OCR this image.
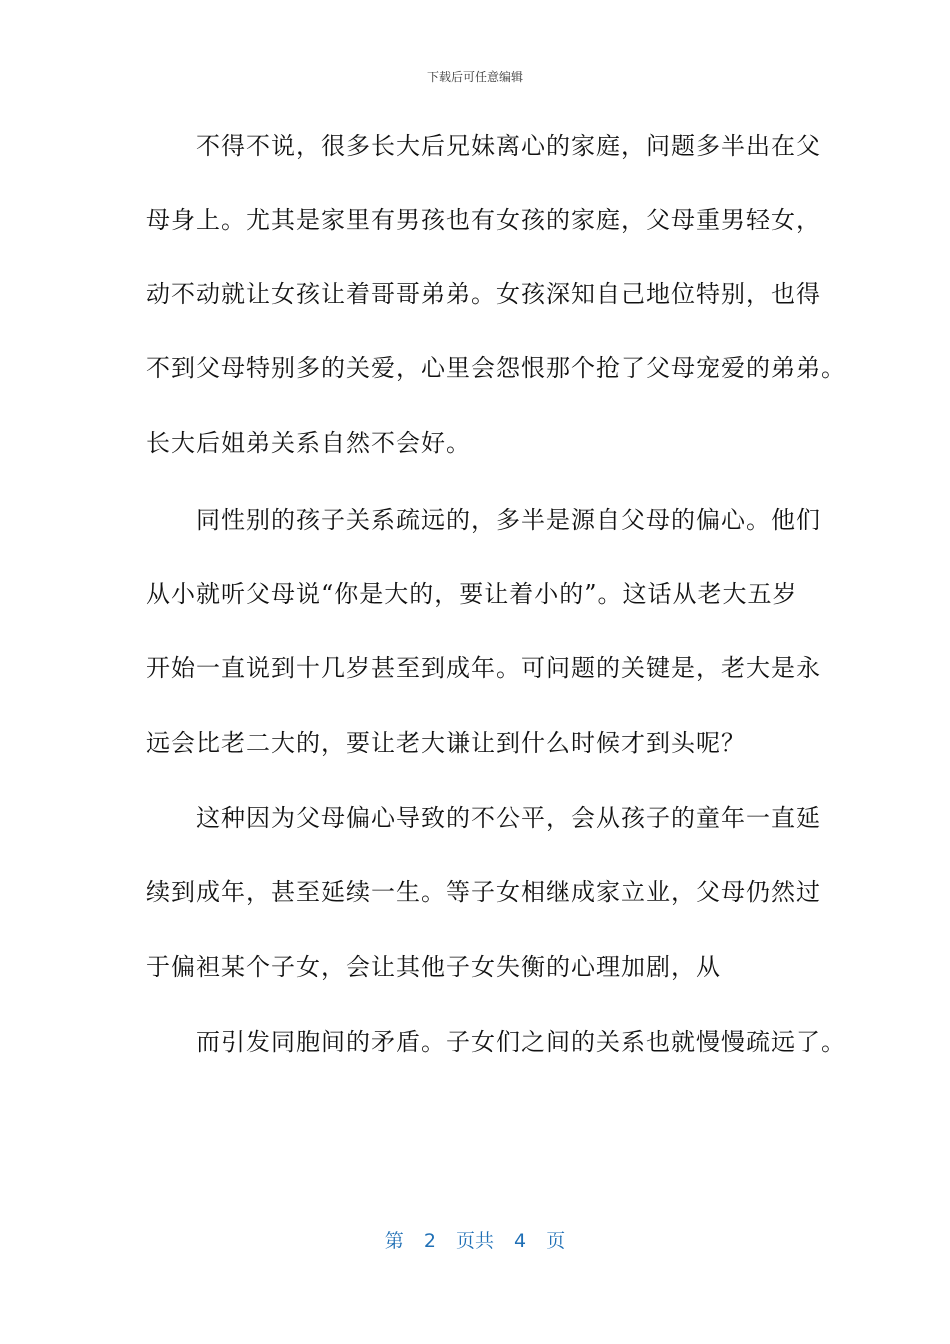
下载后可任意编辑
　　不得不说，很多长大后兄妹离心的家庭，问题多半出在父
母身上。尤其是家里有男孩也有女孩的家庭，父母重男轻女，
动不动就让女孩让着哥哥弟弟。女孩深知自己地位特别，也得
不到父母特别多的关爱，心里会怨恨那个抢了父母宠爱的弟弟。
长大后姐弟关系自然不会好。
　　同性别的孩子关系疏远的，多半是源自父母的偏心。他们
从小就听父母说“你是大的，要让着小的”。这话从老大五岁
开始一直说到十几岁甚至到成年。可问题的关键是，老大是永
远会比老二大的，要让老大谦让到什么时候才到头呢？
　　这种因为父母偏心导致的不公平，会从孩子的童年一直延
续到成年，甚至延续一生。等子女相继成家立业，父母仍然过
于偏袒某个子女，会让其他子女失衡的心理加剧，从
　　而引发同胞间的矛盾。子女们之间的关系也就慢慢疏远了。
第 2 页共 4 页
